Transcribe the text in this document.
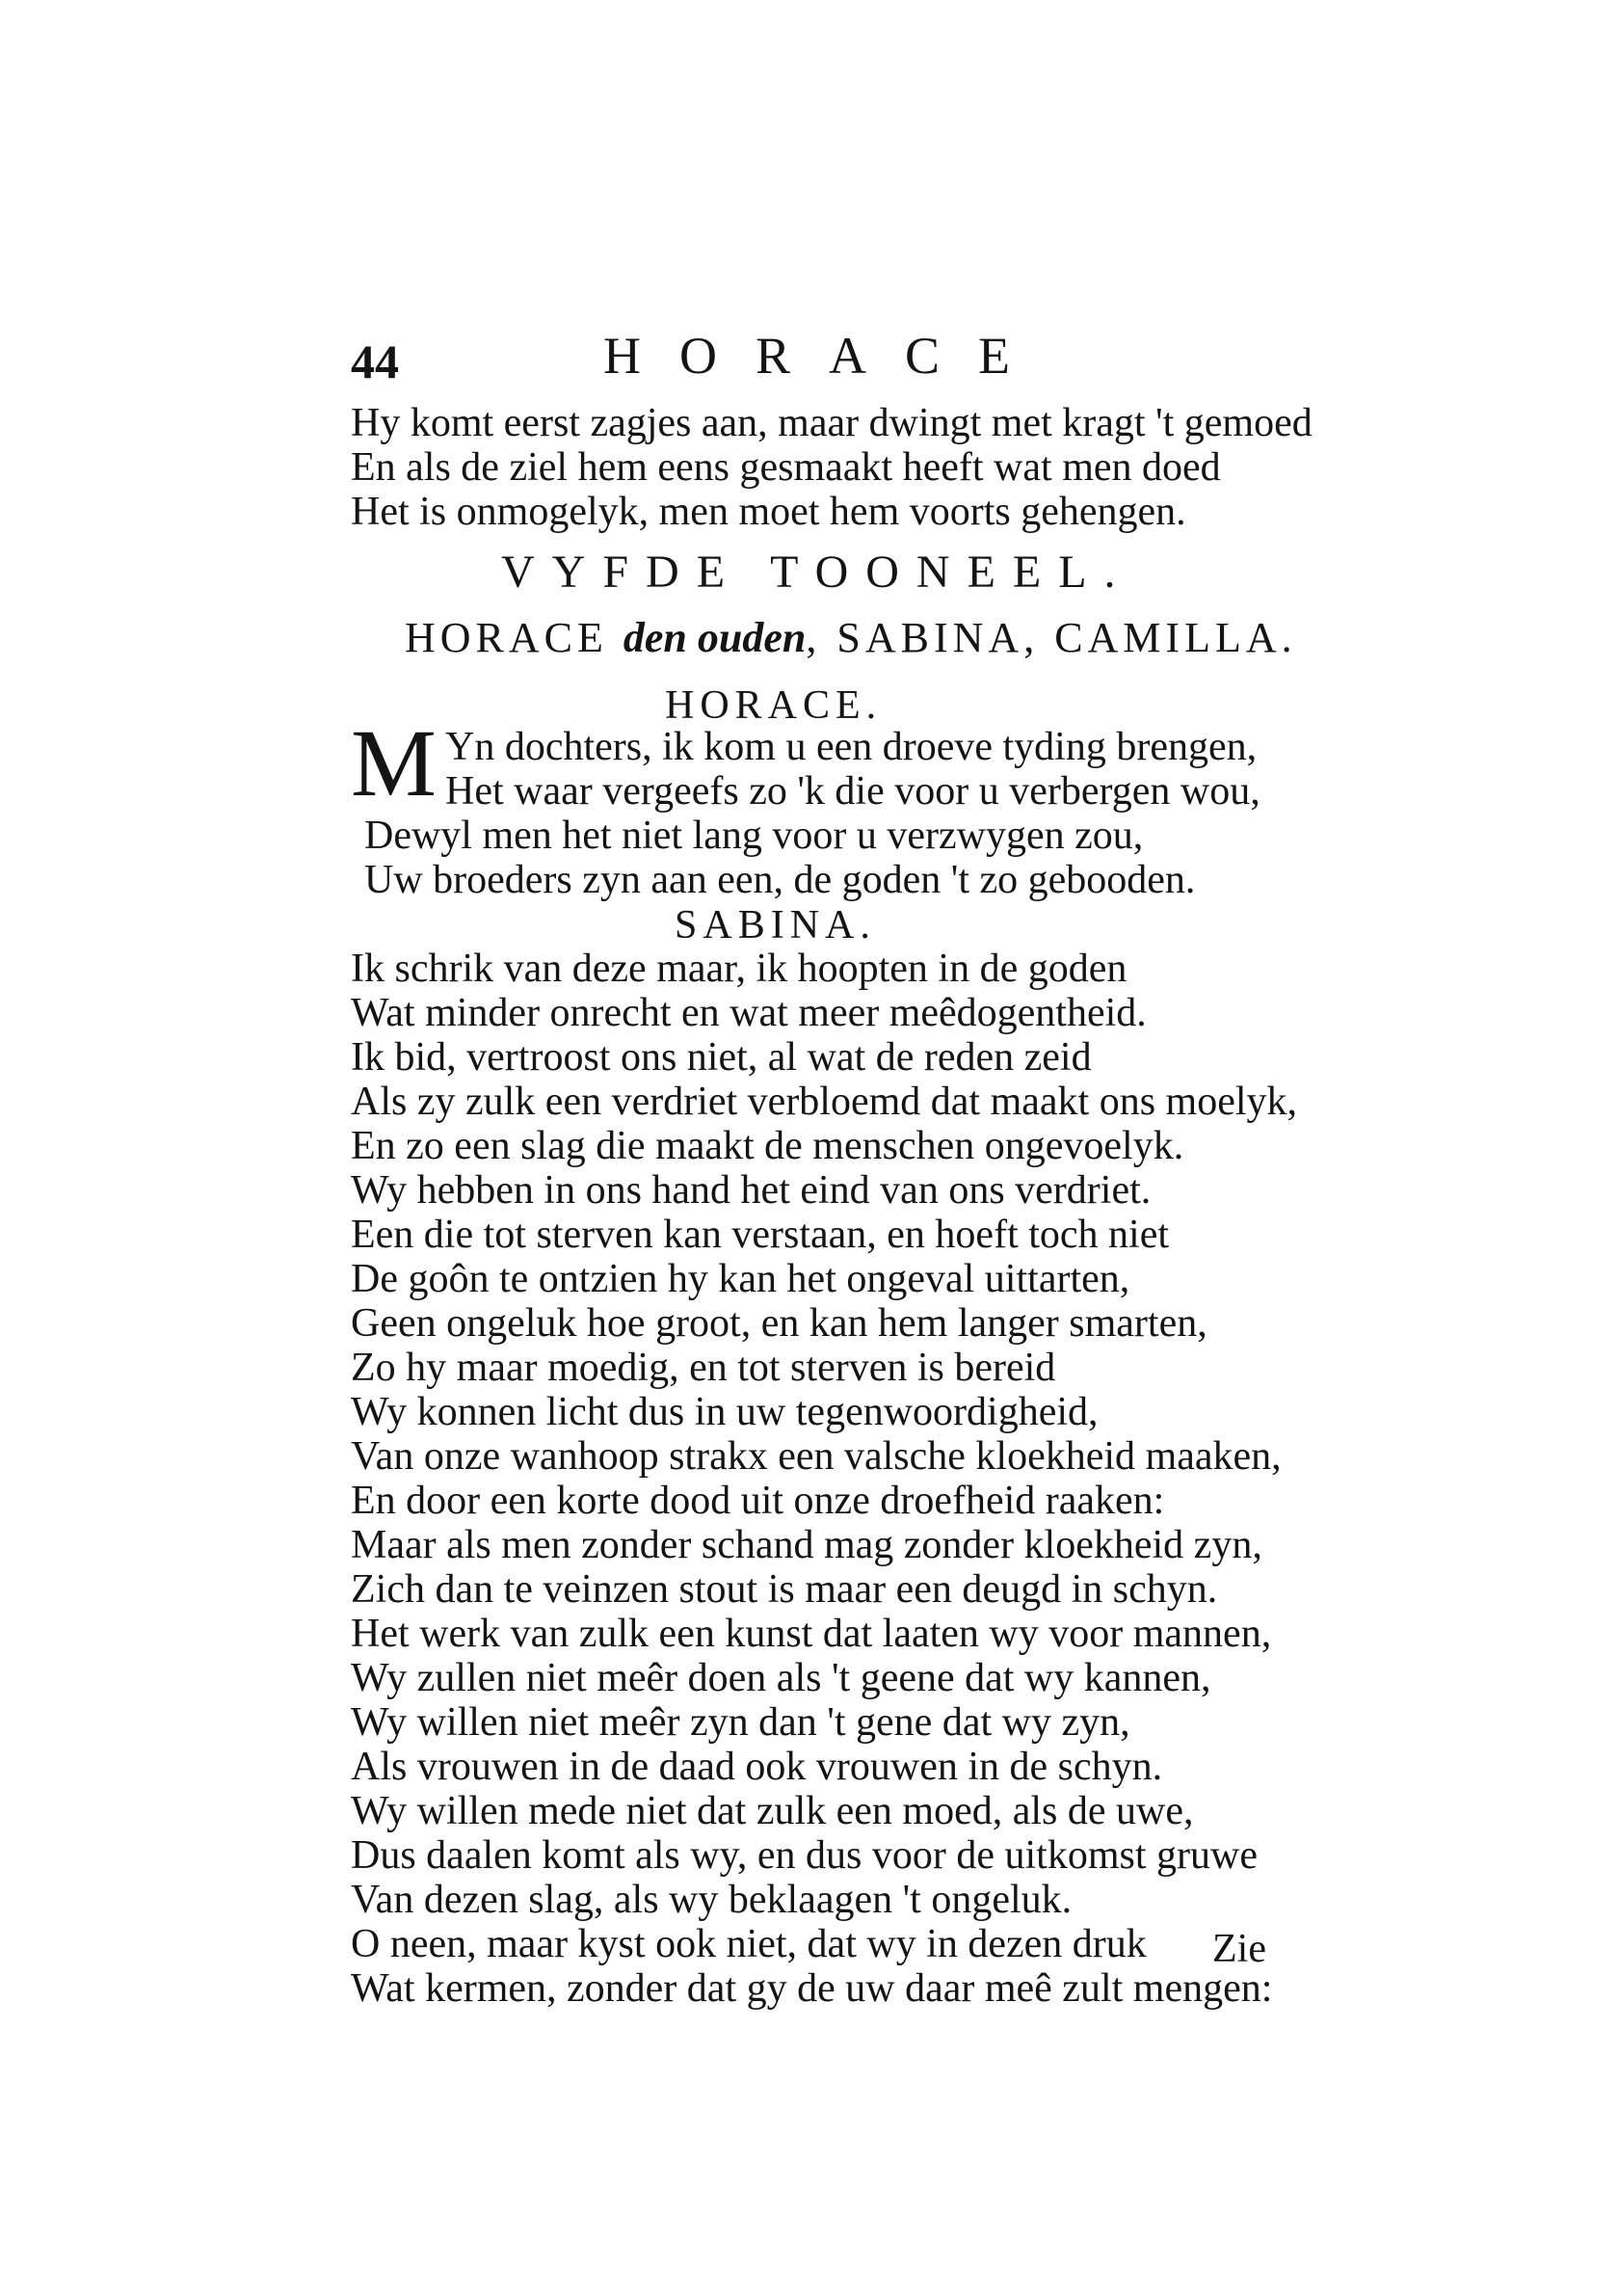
44	HORACE
Hy komt eerst zagjes aan, maar dwingt met kragt 't gemoed
En als de ziel hem eens gesmaakt heeft wat men doed
Het is onmogelyk, men moet hem voorts gehengen.
VYFDE TOONEEL.
HORACE den ouden, SABINA, CAMILLA.
HORACE.
M Yn dochters, ik kom u een droeve tyding brengen,
Het waar vergeefs zo 'k die voor u verbergen wou,
Dewyl men het niet lang voor u verzwygen zou,
Uw broeders zyn aan een, de goden 't zo gebooden.
SABINA.
Ik schrik van deze maar, ik hoopten in de goden
Wat minder onrecht en wat meer meêdogentheid.
Ik bid, vertroost ons niet, al wat de reden zeid
Als zy zulk een verdriet verbloemd dat maakt ons moelyk,
En zo een slag die maakt de menschen ongevoelyk.
Wy hebben in ons hand het eind van ons verdriet.
Een die tot sterven kan verstaan, en hoeft toch niet
De goôn te ontzien hy kan het ongeval uittarten,
Geen ongeluk hoe groot, en kan hem langer smarten,
Zo hy maar moedig, en tot sterven is bereid
Wy konnen licht dus in uw tegenwoordigheid,
Van onze wanhoop strakx een valsche kloekheid maaken,
En door een korte dood uit onze droefheid raaken:
Maar als men zonder schand mag zonder kloekheid zyn,
Zich dan te veinzen stout is maar een deugd in schyn.
Het werk van zulk een kunst dat laaten wy voor mannen,
Wy zullen niet meêr doen als 't geene dat wy kannen,
Wy willen niet meêr zyn dan 't gene dat wy zyn,
Als vrouwen in de daad ook vrouwen in de schyn.
Wy willen mede niet dat zulk een moed, als de uwe,
Dus daalen komt als wy, en dus voor de uitkomst gruwe
Van dezen slag, als wy beklaagen 't ongeluk.
O neen, maar kyst ook niet, dat wy in dezen druk
Wat kermen, zonder dat gy de uw daar meê zult mengen:
Zie
